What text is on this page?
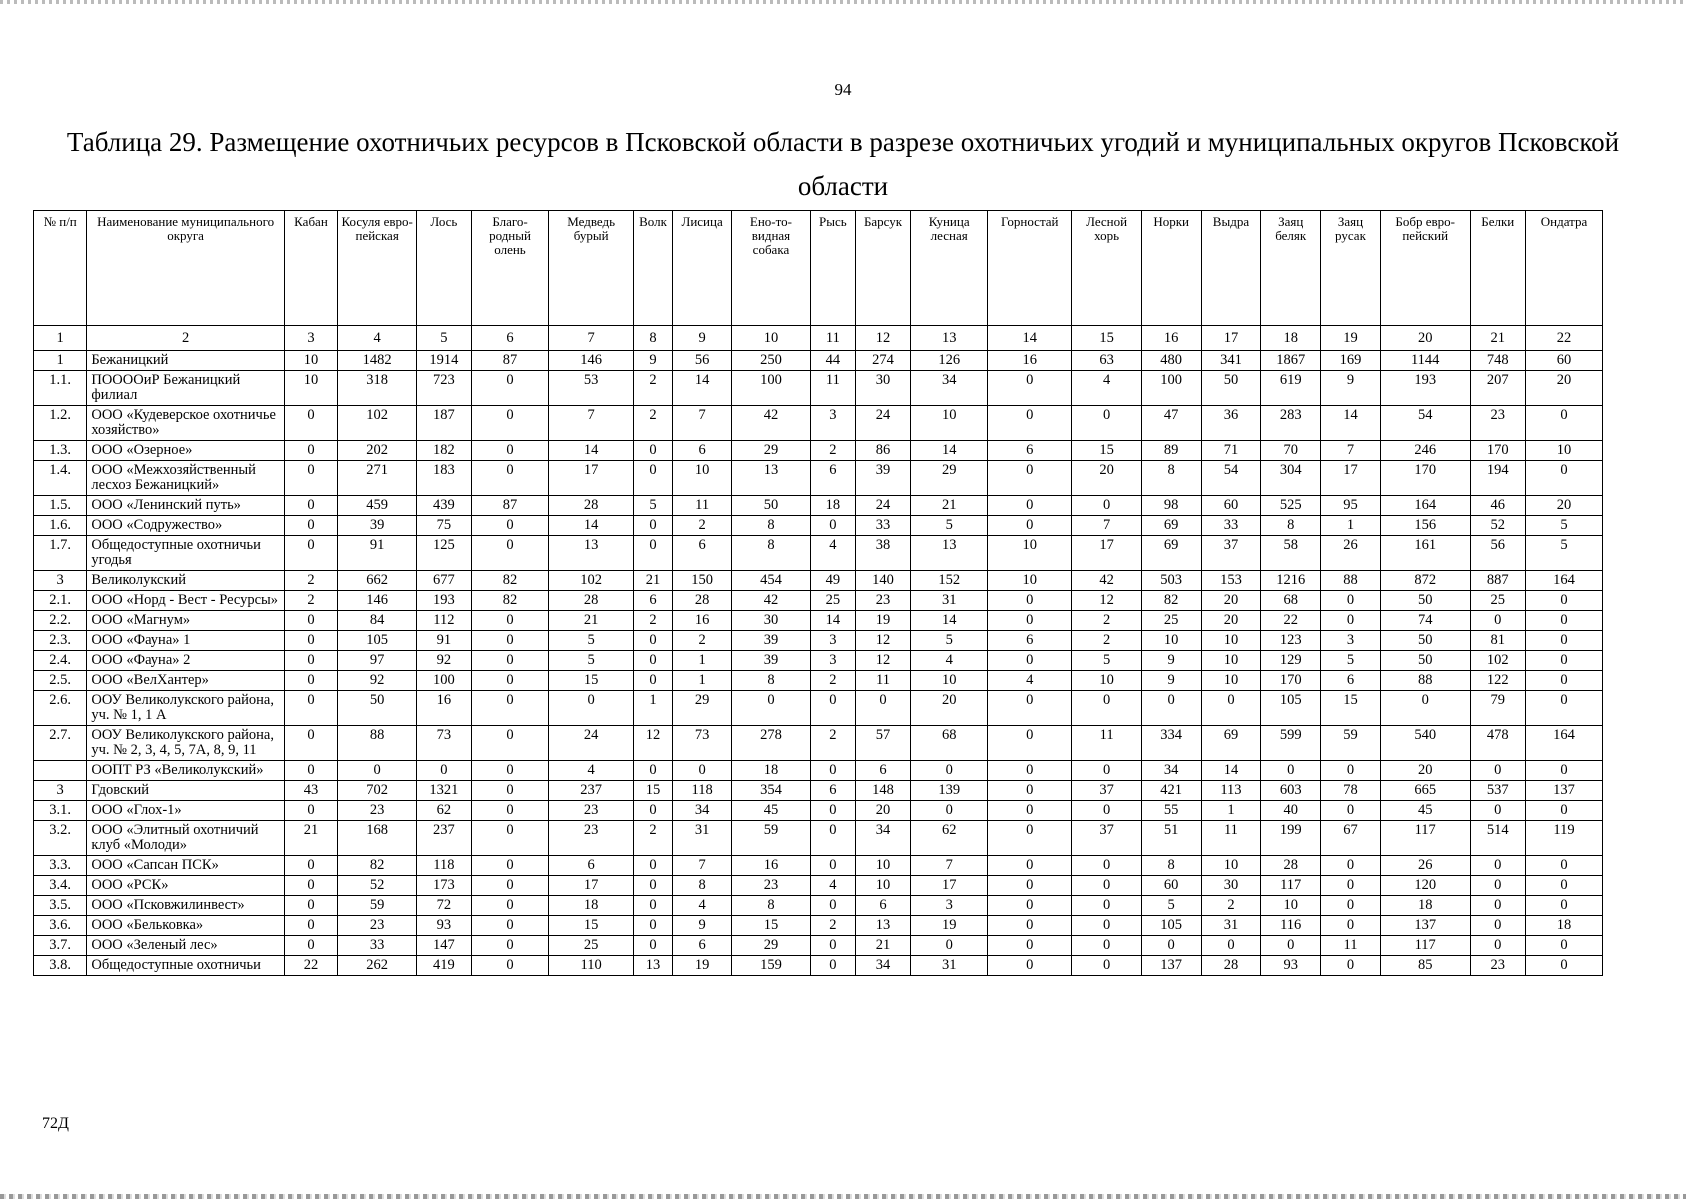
94
Таблица 29. Размещение охотничьих ресурсов в Псковской области в разрезе охотничьих угодий и муниципальных округов Псковской области
№ п/п	Наименование муниципального округа	Кабан	Косуля евро-пейская	Лось	Благо-родный олень	Медведь бурый	Волк	Лисица	Ено-то-видная собака	Рысь	Барсук	Куница лесная	Горностай	Лесной хорь	Норки	Выдра	Заяц беляк	Заяц русак	Бобр евро-пейский	Белки	Ондатра
1	2	3	4	5	6	7	8	9	10	11	12	13	14	15	16	17	18	19	20	21	22
1	Бежаницкий	10	1482	1914	87	146	9	56	250	44	274	126	16	63	480	341	1867	169	1144	748	60
1.1.	ПОООOиР Бежаницкий филиал	10	318	723	0	53	2	14	100	11	30	34	0	4	100	50	619	9	193	207	20
1.2.	ООО «Кудеверское охотничье хозяйство»	0	102	187	0	7	2	7	42	3	24	10	0	0	47	36	283	14	54	23	0
1.3.	ООО «Озерное»	0	202	182	0	14	0	6	29	2	86	14	6	15	89	71	70	7	246	170	10
1.4.	ООО «Межхозяйственный лесхоз Бежаницкий»	0	271	183	0	17	0	10	13	6	39	29	0	20	8	54	304	17	170	194	0
1.5.	ООО «Ленинский путь»	0	459	439	87	28	5	11	50	18	24	21	0	0	98	60	525	95	164	46	20
1.6.	ООО «Содружество»	0	39	75	0	14	0	2	8	0	33	5	0	7	69	33	8	1	156	52	5
1.7.	Общедоступные охотничьи угодья	0	91	125	0	13	0	6	8	4	38	13	10	17	69	37	58	26	161	56	5
3	Великолукский	2	662	677	82	102	21	150	454	49	140	152	10	42	503	153	1216	88	872	887	164
2.1.	ООО «Норд - Вест - Ресурсы»	2	146	193	82	28	6	28	42	25	23	31	0	12	82	20	68	0	50	25	0
2.2.	ООО «Магнум»	0	84	112	0	21	2	16	30	14	19	14	0	2	25	20	22	0	74	0	0
2.3.	ООО «Фауна» 1	0	105	91	0	5	0	2	39	3	12	5	6	2	10	10	123	3	50	81	0
2.4.	ООО «Фауна» 2	0	97	92	0	5	0	1	39	3	12	4	0	5	9	10	129	5	50	102	0
2.5.	ООО «ВелХантер»	0	92	100	0	15	0	1	8	2	11	10	4	10	9	10	170	6	88	122	0
2.6.	ООУ Великолукского района, уч. № 1, 1 А	0	50	16	0	0	1	29	0	0	0	20	0	0	0	0	105	15	0	79	0
2.7.	ООУ Великолукского района, уч. № 2, 3, 4, 5, 7А, 8, 9, 11	0	88	73	0	24	12	73	278	2	57	68	0	11	334	69	599	59	540	478	164
	ООПТ РЗ «Великолукский»	0	0	0	0	4	0	0	18	0	6	0	0	0	34	14	0	0	20	0	0
3	Гдовский	43	702	1321	0	237	15	118	354	6	148	139	0	37	421	113	603	78	665	537	137
3.1.	ООО «Глох-1»	0	23	62	0	23	0	34	45	0	20	0	0	0	55	1	40	0	45	0	0
3.2.	ООО «Элитный охотничий клуб «Молоди»	21	168	237	0	23	2	31	59	0	34	62	0	37	51	11	199	67	117	514	119
3.3.	ООО «Сапсан ПСК»	0	82	118	0	6	0	7	16	0	10	7	0	0	8	10	28	0	26	0	0
3.4.	ООО «РСК»	0	52	173	0	17	0	8	23	4	10	17	0	0	60	30	117	0	120	0	0
3.5.	ООО «Псковжилинвест»	0	59	72	0	18	0	4	8	0	6	3	0	0	5	2	10	0	18	0	0
3.6.	ООО «Бельковка»	0	23	93	0	15	0	9	15	2	13	19	0	0	105	31	116	0	137	0	18
3.7.	ООО «Зеленый лес»	0	33	147	0	25	0	6	29	0	21	0	0	0	0	0	0	11	117	0	0
3.8.	Общедоступные охотничьи	22	262	419	0	110	13	19	159	0	34	31	0	0	137	28	93	0	85	23	0
72Д
